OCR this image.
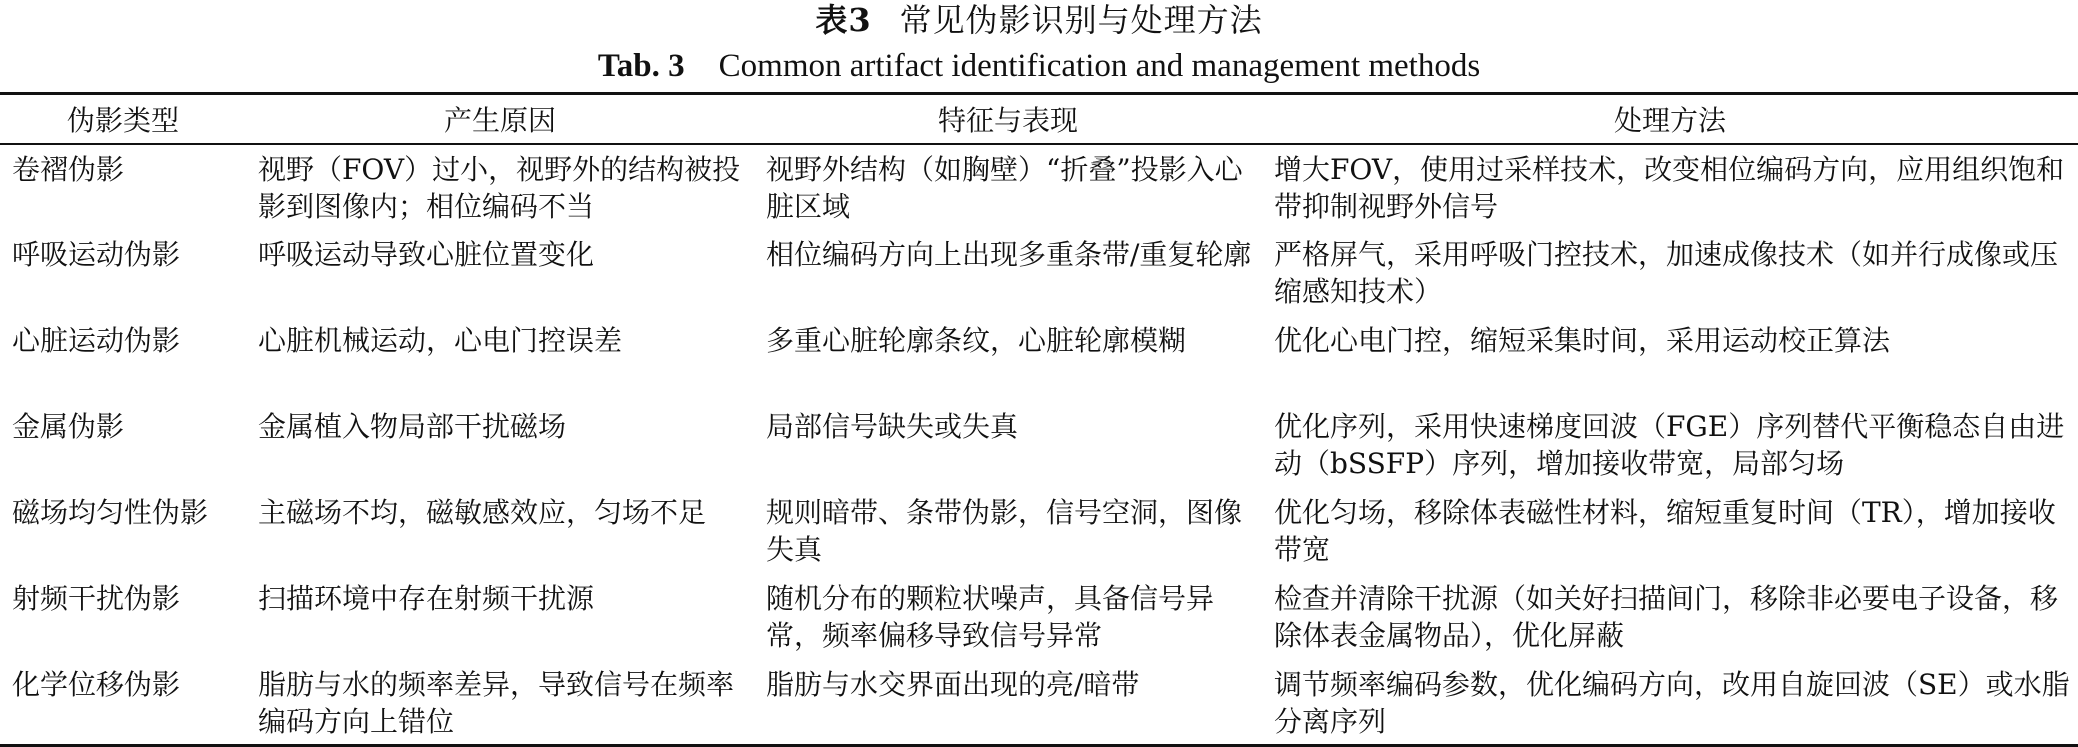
表3 常见伪影识别与处理方法
Tab. 3 Common artifact identification and management methods
伪影类型	产生原因	特征与表现	处理方法
卷褶伪影	视野（FOV）过小，视野外的结构被投影到图像内；相位编码不当	视野外结构（如胸壁）“折叠”投影入心脏区域	增大FOV，使用过采样技术，改变相位编码方向，应用组织饱和带抑制视野外信号
呼吸运动伪影	呼吸运动导致心脏位置变化	相位编码方向上出现多重条带/重复轮廓	严格屏气，采用呼吸门控技术，加速成像技术（如并行成像或压缩感知技术）
心脏运动伪影	心脏机械运动，心电门控误差	多重心脏轮廓条纹，心脏轮廓模糊	优化心电门控，缩短采集时间，采用运动校正算法
金属伪影	金属植入物局部干扰磁场	局部信号缺失或失真	优化序列，采用快速梯度回波（FGE）序列替代平衡稳态自由进动（bSSFP）序列，增加接收带宽，局部匀场
磁场均匀性伪影	主磁场不均，磁敏感效应，匀场不足	规则暗带、条带伪影，信号空洞，图像失真	优化匀场，移除体表磁性材料，缩短重复时间（TR），增加接收带宽
射频干扰伪影	扫描环境中存在射频干扰源	随机分布的颗粒状噪声，具备信号异常，频率偏移导致信号异常	检查并清除干扰源（如关好扫描间门，移除非必要电子设备，移除体表金属物品），优化屏蔽
化学位移伪影	脂肪与水的频率差异，导致信号在频率编码方向上错位	脂肪与水交界面出现的亮/暗带	调节频率编码参数，优化编码方向，改用自旋回波（SE）或水脂分离序列
